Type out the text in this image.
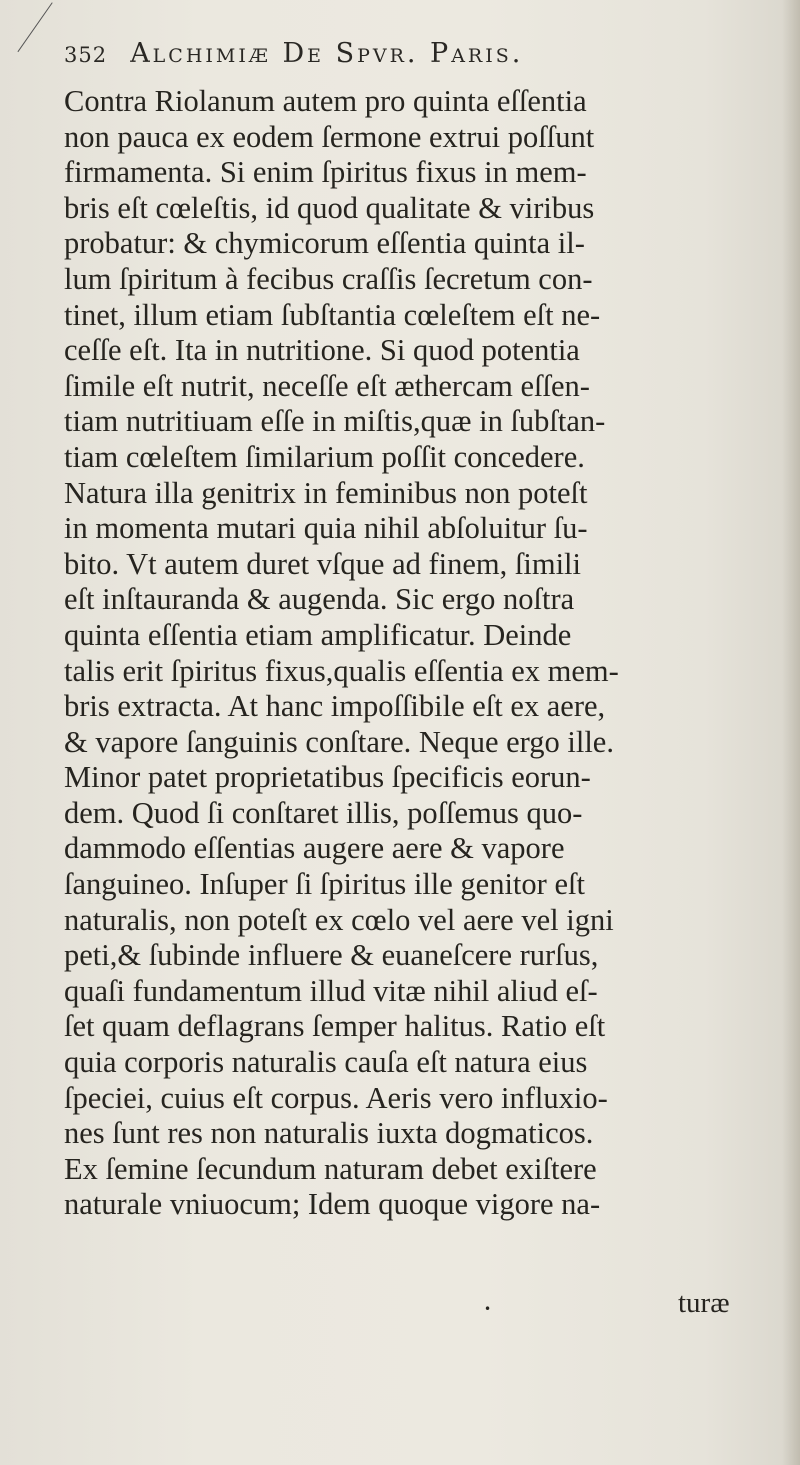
352 Alchimiæ De Spvr. Paris.
Contra Riolanum autem pro quinta eſſentia
non pauca ex eodem ſermone extrui poſſunt
firmamenta. Si enim ſpiritus fixus in mem-
bris eſt cœleſtis, id quod qualitate & viribus
probatur: & chymicorum eſſentia quinta il-
lum ſpiritum à fecibus craſſis ſecretum con-
tinet, illum etiam ſubſtantia cœleſtem eſt ne-
ceſſe eſt. Ita in nutritione. Si quod potentia
ſimile eſt nutrit, neceſſe eſt æthercam eſſen-
tiam nutritiuam eſſe in miſtis,quæ in ſubſtan-
tiam cœleſtem ſimilarium poſſit concedere.
Natura illa genitrix in feminibus non poteſt
in momenta mutari quia nihil abſoluitur ſu-
bito. Vt autem duret vſque ad finem, ſimili
eſt inſtauranda & augenda. Sic ergo noſtra
quinta eſſentia etiam amplificatur. Deinde
talis erit ſpiritus fixus,qualis eſſentia ex mem-
bris extracta. At hanc impoſſibile eſt ex aere,
& vapore ſanguinis conſtare. Neque ergo ille.
Minor patet proprietatibus ſpecificis eorun-
dem. Quod ſi conſtaret illis, poſſemus quo-
dammodo eſſentias augere aere & vapore
ſanguineo. Inſuper ſi ſpiritus ille genitor eſt
naturalis, non poteſt ex cœlo vel aere vel igni
peti,& ſubinde influere & euaneſcere rurſus,
quaſi fundamentum illud vitæ nihil aliud eſ-
ſet quam deflagrans ſemper halitus. Ratio eſt
quia corporis naturalis cauſa eſt natura eius
ſpeciei, cuius eſt corpus. Aeris vero influxio-
nes ſunt res non naturalis iuxta dogmaticos.
Ex ſemine ſecundum naturam debet exiſtere
naturale vniuocum; Idem quoque vigore na-
•	turæ
